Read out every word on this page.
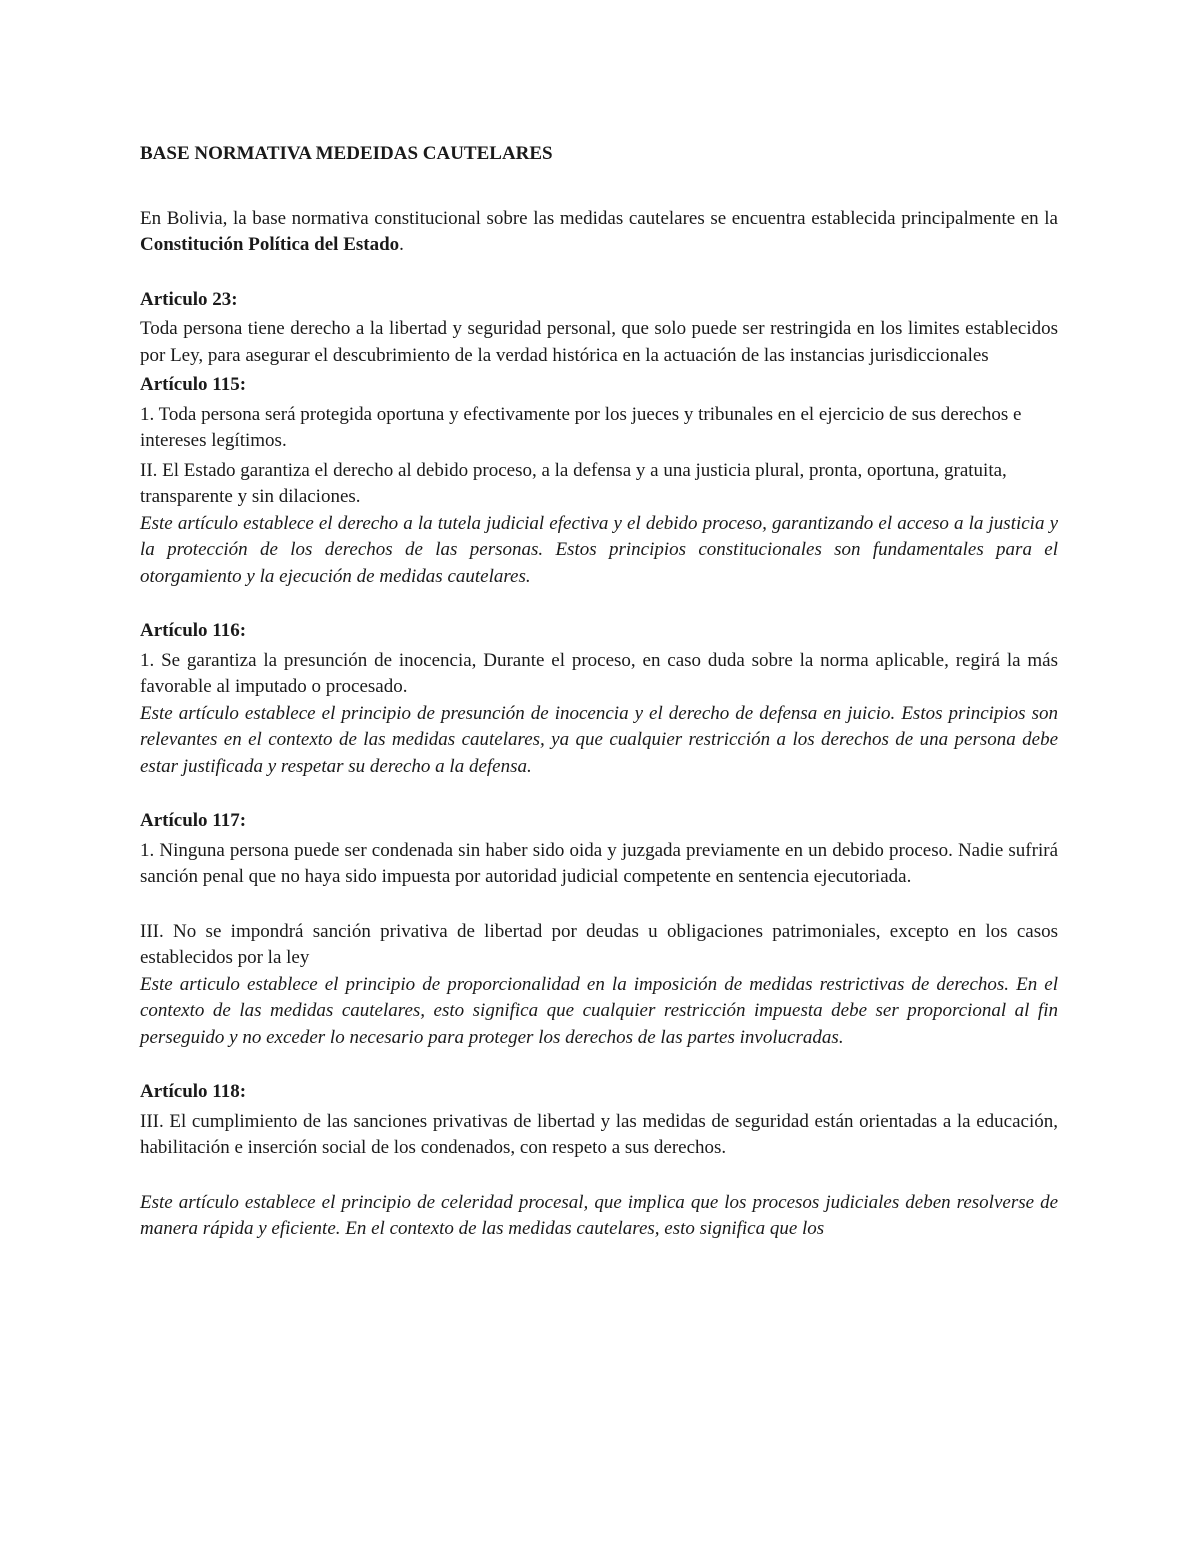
BASE NORMATIVA MEDEIDAS CAUTELARES

En Bolivia, la base normativa constitucional sobre las medidas cautelares se encuentra establecida principalmente en la Constitución Política del Estado.

Articulo 23:

Toda persona tiene derecho a la libertad y seguridad personal, que solo puede ser restringida en los limites establecidos por Ley, para asegurar el descubrimiento de la verdad histórica en la actuación de las instancias jurisdiccionales

Artículo 115:

1. Toda persona será protegida oportuna y efectivamente por los jueces y tribunales en el ejercicio de sus derechos e intereses legítimos.

II. El Estado garantiza el derecho al debido proceso, a la defensa y a una justicia plural, pronta, oportuna, gratuita, transparente y sin dilaciones.

Este artículo establece el derecho a la tutela judicial efectiva y el debido proceso, garantizando el acceso a la justicia y la protección de los derechos de las personas. Estos principios constitucionales son fundamentales para el otorgamiento y la ejecución de medidas cautelares.

Artículo 116:

1. Se garantiza la presunción de inocencia, Durante el proceso, en caso duda sobre la norma aplicable, regirá la más favorable al imputado o procesado.

Este artículo establece el principio de presunción de inocencia y el derecho de defensa en juicio. Estos principios son relevantes en el contexto de las medidas cautelares, ya que cualquier restricción a los derechos de una persona debe estar justificada y respetar su derecho a la defensa.

Artículo 117:

1. Ninguna persona puede ser condenada sin haber sido oida y juzgada previamente en un debido proceso. Nadie sufrirá sanción penal que no haya sido impuesta por autoridad judicial competente en sentencia ejecutoriada.

III. No se impondrá sanción privativa de libertad por deudas u obligaciones patrimoniales, excepto en los casos establecidos por la ley

Este articulo establece el principio de proporcionalidad en la imposición de medidas restrictivas de derechos. En el contexto de las medidas cautelares, esto significa que cualquier restricción impuesta debe ser proporcional al fin perseguido y no exceder lo necesario para proteger los derechos de las partes involucradas.

Artículo 118:

III. El cumplimiento de las sanciones privativas de libertad y las medidas de seguridad están orientadas a la educación, habilitación e inserción social de los condenados, con respeto a sus derechos.

Este artículo establece el principio de celeridad procesal, que implica que los procesos judiciales deben resolverse de manera rápida y eficiente. En el contexto de las medidas cautelares, esto significa que los
